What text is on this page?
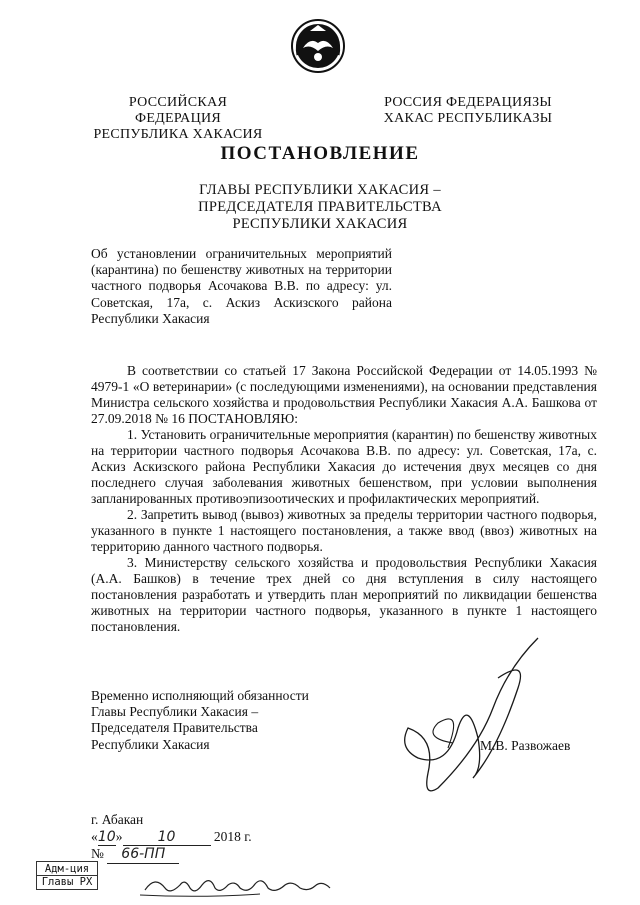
РОССИЙСКАЯ ФЕДЕРАЦИЯ
РЕСПУБЛИКА ХАКАСИЯ
РОССИЯ ФЕДЕРАЦИЯЗЫ
ХАКАС РЕСПУБЛИКАЗЫ
ПОСТАНОВЛЕНИЕ
ГЛАВЫ РЕСПУБЛИКИ ХАКАСИЯ –
ПРЕДСЕДАТЕЛЯ ПРАВИТЕЛЬСТВА
РЕСПУБЛИКИ ХАКАСИЯ
Об установлении ограничительных мероприятий (карантина) по бешенству животных на территории частного подворья Асочакова В.В. по адресу: ул. Советская, 17а, с. Аскиз Аскизского района Республики Хакасия

В соответствии со статьей 17 Закона Российской Федерации от 14.05.1993 № 4979-1 «О ветеринарии» (с последующими изменениями), на основании представления Министра сельского хозяйства и продовольствия Республики Хакасия А.А. Башкова от 27.09.2018 № 16 ПОСТАНОВЛЯЮ:

1. Установить ограничительные мероприятия (карантин) по бешенству животных на территории частного подворья Асочакова В.В. по адресу: ул. Советская, 17а, с. Аскиз Аскизского района Республики Хакасия до истечения двух месяцев со дня последнего случая заболевания животных бешенством, при условии выполнения запланированных противоэпизоотических и профилактических мероприятий.

2. Запретить вывод (вывоз) животных за пределы территории частного подворья, указанного в пункте 1 настоящего постановления, а также ввод (ввоз) животных на территорию данного частного подворья.

3. Министерству сельского хозяйства и продовольствия Республики Хакасия (А.А. Башков) в течение трех дней со дня вступления в силу настоящего постановления разработать и утвердить план мероприятий по ликвидации бешенства животных на территории частного подворья, указанного в пункте 1 настоящего постановления.

Временно исполняющий обязанности
Главы Республики Хакасия –
Председателя Правительства
Республики Хакасия	М.В. Развожаев
г. Абакан
«10»	10	2018 г.
№ 66-ПП
Адм-ция
Главы РХ
